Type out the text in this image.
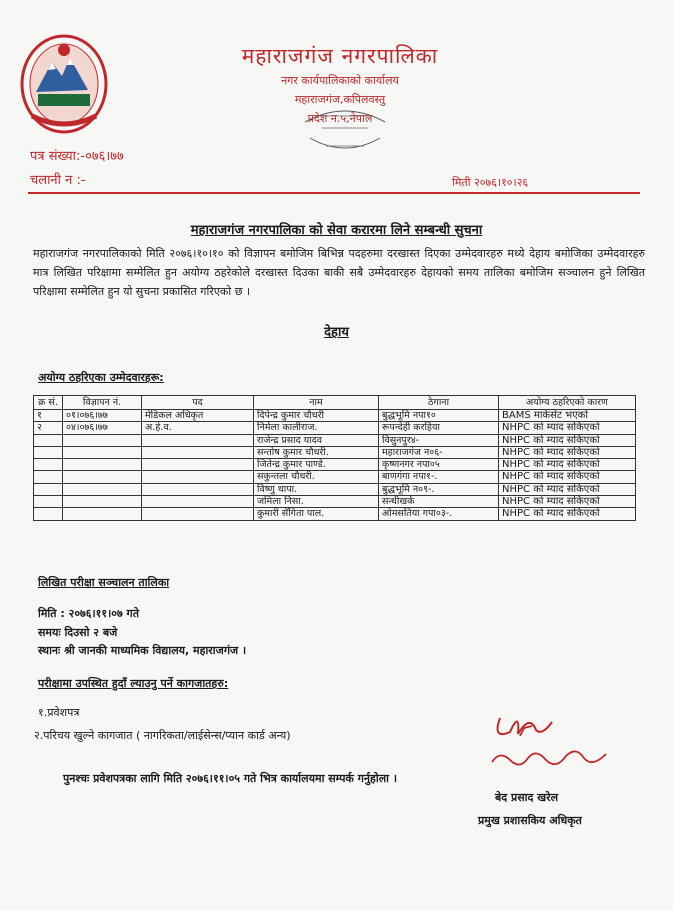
महाराजगंज नगरपालिका
नगर कार्यपालिकाको कार्यालय
महाराजगंज,कपिलवस्तु
प्रदेश न.५,नेपाल
पत्र संख्या:-०७६।७७
चलानी न :-	मिती २०७६।१०।२६
महाराजगंज नगरपालिका को सेवा करारमा लिने सम्बन्धी सुचना
महाराजगंज नगरपालिकाको मिति २०७६।१०।१० को विज्ञापन बमोजिम बिभिन्न पदहरुमा दरखास्त दिएका उम्मेदवारहरु मध्ये देहाय बमोजिका उम्मेदवारहरु मात्र लिखित परिक्षामा सम्मेलित हुन अयोग्य ठहरेकोले दरखास्त दिउका बाकी सबै उम्मेदवारहरु देहायको समय तालिका बमोजिम सञ्चालन हुने लिखित परिक्षामा सम्मेलित हुन यो सुचना प्रकासित गरिएको छ ।
देहाय
अयोग्य ठहरिएका उम्मेदवारहरू:
क्र सं.	विज्ञापन नं.	पद	नाम	ठेगाना	अयोग्य ठहरिएको कारण
१	०१।०७६।७७	मेडिकल अधिकृत	दिपेन्द्र कुमार चौधरी	बुद्धभूमि नपा१०	BAMS मार्कसेट भएको
२	०४।०७६।७७	अ.हे.व.	निर्मला कालीराज.	रूपन्देही करहिया	NHPC को म्याद सकिएको
			राजेन्द्र प्रसाद यादव	विसुनपुर४-	NHPC को म्याद सकिएको
			सन्तोष कुमार चौधरी.	महाराजगंज न०६-	NHPC को म्याद सकिएको
			जितेन्द्र कुमार पाण्डे.	कृष्णनगर नपा०५	NHPC को म्याद सकिएको
			सकुन्तला चौधरी.	बाणगंगा नपा१-.	NHPC को म्याद सकिएको
			विष्णु थापा.	बुद्धभूमि न०९-.	NHPC को म्याद सकिएको
			जमिला निसा.	सन्धीखर्क	NHPC को म्याद सकिएको
			कुमारी सँगिता पाल.	ओमसतिया गपा०३-.	NHPC को म्याद सकिएको
लिखित परीक्षा सञ्चालन तालिका
मिति : २०७६।११।०७ गते
समयः दिउसो २ बजे
स्थानः श्री जानकी माध्यमिक विद्यालय, महाराजगंज ।
परीक्षामा उपस्थित हुदाँ ल्याउनु पर्ने कागजातहरु:
१.प्रवेशपत्र
२.परिचय खुल्ने कागजात ( नागरिकता/लाईसेन्स/प्यान कार्ड अन्य)
पुनश्चः प्रवेशपत्रका लागि मिति २०७६।११।०५ गते भित्र कार्यालयमा सम्पर्क गर्नुहोला ।
बेद प्रसाद खरेल
प्रमुख प्रशासकिय अधिकृत
